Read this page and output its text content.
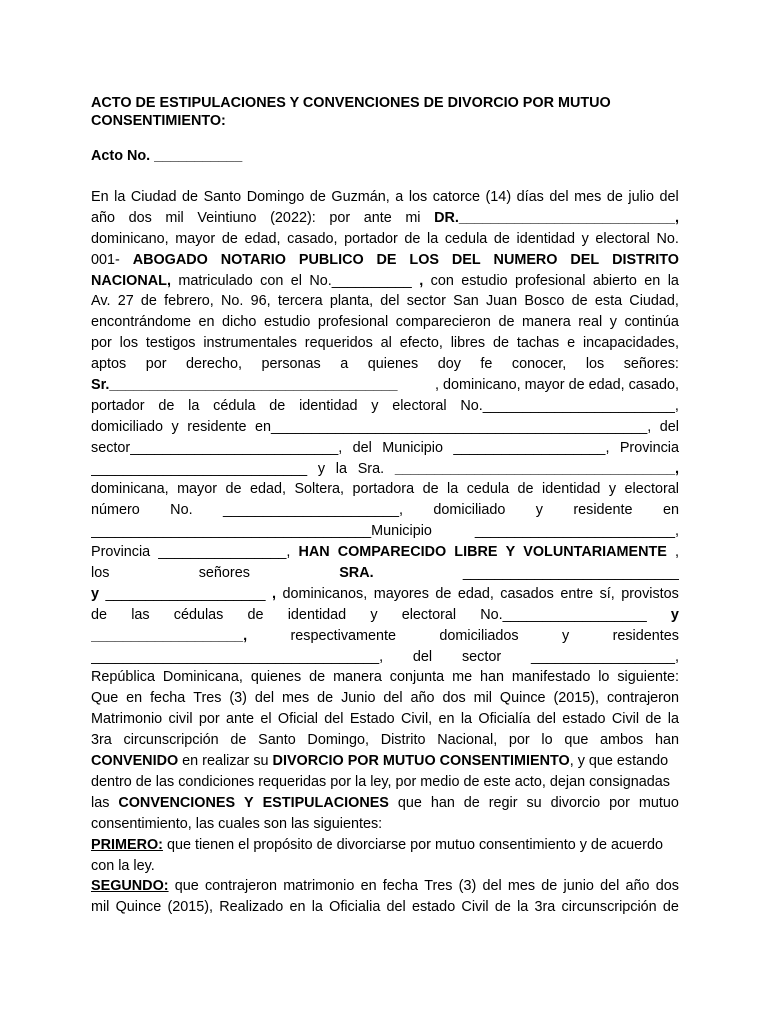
ACTO DE ESTIPULACIONES Y CONVENCIONES DE DIVORCIO POR MUTUO CONSENTIMIENTO:

Acto No. ___________

En la Ciudad de Santo Domingo de Guzmán, a los catorce (14) días del mes de julio del
año dos mil Veintiuno (2022): por ante mi DR.___________________________,
dominicano, mayor de edad, casado, portador de la cedula de identidad y electoral No.
001- ABOGADO NOTARIO PUBLICO DE LOS DEL NUMERO DEL DISTRITO
NACIONAL, matriculado con el No.__________ , con estudio profesional abierto en la
Av. 27 de febrero, No. 96, tercera planta, del sector San Juan Bosco de esta Ciudad,
encontrándome en dicho estudio profesional comparecieron de manera real y continúa
por los testigos instrumentales requeridos al efecto, libres de tachas e incapacidades,
aptos por derecho, personas a quienes doy fe conocer, los señores:
Sr.____________________________________	, dominicano, mayor de edad, casado,
portador de la cédula de identidad y electoral No.________________________,
domiciliado y residente en_______________________________________________, del
sector__________________________, del Municipio ___________________, Provincia
___________________________ y la Sra. ___________________________________,
dominicana, mayor de edad, Soltera, portadora de la cedula de identidad y electoral
número No. ______________________, domiciliado y residente en
___________________________________Municipio	_________________________,
Provincia ________________, HAN COMPARECIDO LIBRE Y VOLUNTARIAMENTE ,
los	señores	SRA.	___________________________
y ____________________ , dominicanos, mayores de edad, casados entre sí, provistos
de las cédulas de identidad y electoral No.__________________ y
___________________,	respectivamente	domiciliados	y	residentes
____________________________________, del sector __________________,
República Dominicana, quienes de manera conjunta me han manifestado lo siguiente:
Que en fecha Tres (3) del mes de Junio del año dos mil Quince (2015), contrajeron
Matrimonio civil por ante el Oficial del Estado Civil, en la Oficialía del estado Civil de la
3ra circunscripción de Santo Domingo, Distrito Nacional, por lo que ambos han
CONVENIDO en realizar su DIVORCIO POR MUTUO CONSENTIMIENTO, y que estando
dentro de las condiciones requeridas por la ley, por medio de este acto, dejan consignadas
las CONVENCIONES Y ESTIPULACIONES que han de regir su divorcio por mutuo
consentimiento, las cuales son las siguientes:
PRIMERO: que tienen el propósito de divorciarse por mutuo consentimiento y de acuerdo
con la ley.
SEGUNDO: que contrajeron matrimonio en fecha Tres (3) del mes de junio del año dos
mil Quince (2015), Realizado en la Oficialia del estado Civil de la 3ra circunscripción de
